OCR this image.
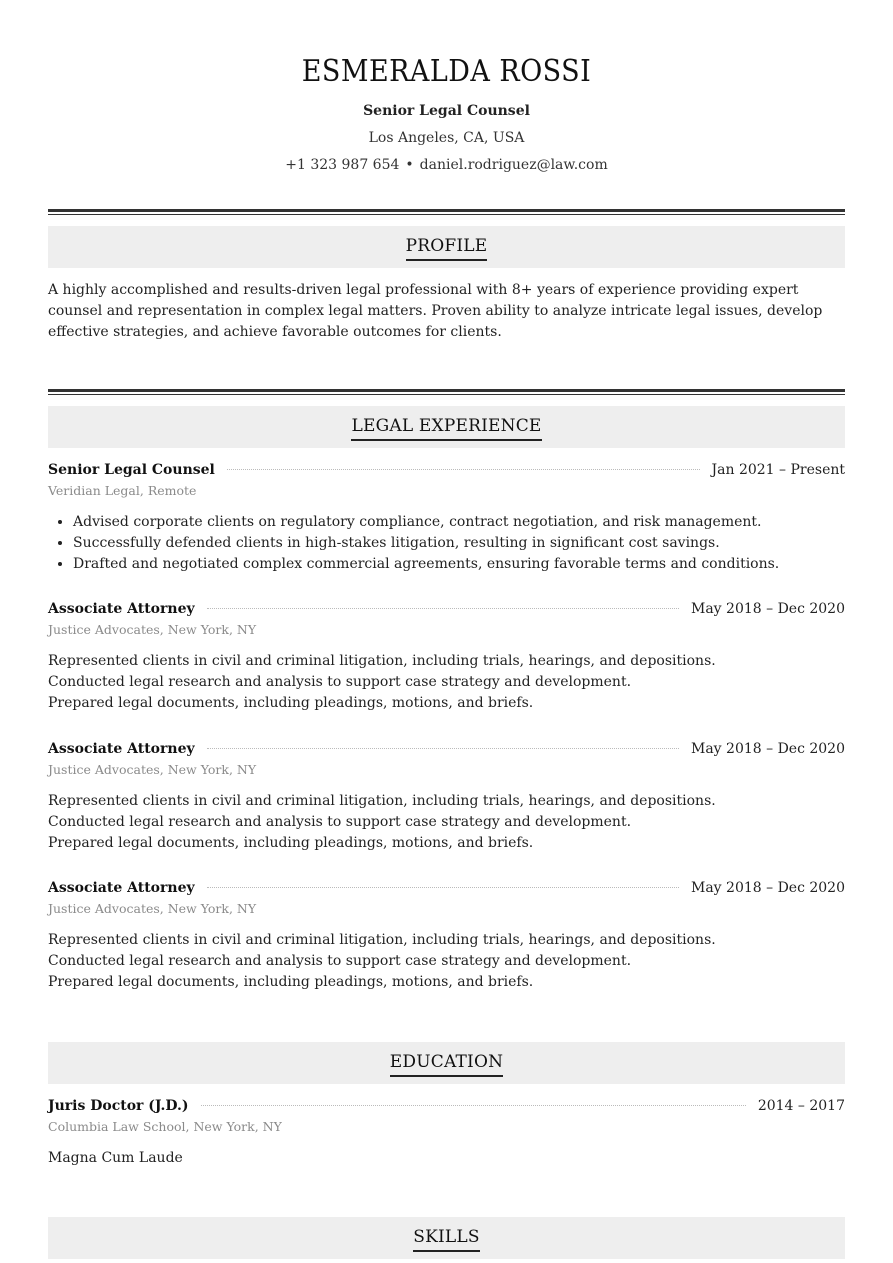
ESMERALDA ROSSI
Senior Legal Counsel
Los Angeles, CA, USA
+1 323 987 654 • daniel.rodriguez@law.com
PROFILE
A highly accomplished and results-driven legal professional with 8+ years of experience providing expert counsel and representation in complex legal matters. Proven ability to analyze intricate legal issues, develop effective strategies, and achieve favorable outcomes for clients.
LEGAL EXPERIENCE
Senior Legal Counsel	Jan 2021 – Present
Veridian Legal, Remote
• Advised corporate clients on regulatory compliance, contract negotiation, and risk management.
• Successfully defended clients in high-stakes litigation, resulting in significant cost savings.
• Drafted and negotiated complex commercial agreements, ensuring favorable terms and conditions.
Associate Attorney	May 2018 – Dec 2020
Justice Advocates, New York, NY

Represented clients in civil and criminal litigation, including trials, hearings, and depositions.

Conducted legal research and analysis to support case strategy and development.

Prepared legal documents, including pleadings, motions, and briefs.

Associate Attorney	May 2018 – Dec 2020
Justice Advocates, New York, NY

Represented clients in civil and criminal litigation, including trials, hearings, and depositions.

Conducted legal research and analysis to support case strategy and development.

Prepared legal documents, including pleadings, motions, and briefs.

Associate Attorney	May 2018 – Dec 2020
Justice Advocates, New York, NY

Represented clients in civil and criminal litigation, including trials, hearings, and depositions.

Conducted legal research and analysis to support case strategy and development.

Prepared legal documents, including pleadings, motions, and briefs.

EDUCATION
Juris Doctor (J.D.)	2014 – 2017
Columbia Law School, New York, NY
Magna Cum Laude
SKILLS
